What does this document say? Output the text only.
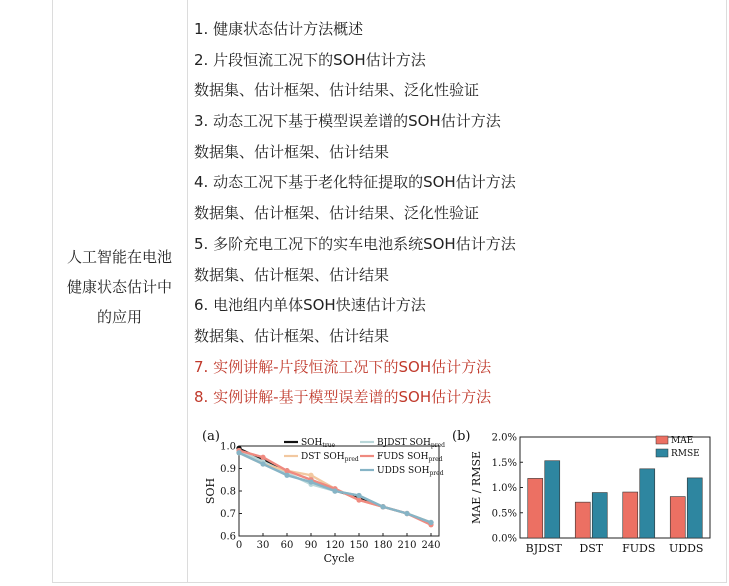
人工智能在电池
健康状态估计中
的应用
1. 健康状态估计方法概述
2. 片段恒流工况下的SOH估计方法
数据集、估计框架、估计结果、泛化性验证
3. 动态工况下基于模型误差谱的SOH估计方法
数据集、估计框架、估计结果
4. 动态工况下基于老化特征提取的SOH估计方法
数据集、估计框架、估计结果、泛化性验证
5. 多阶充电工况下的实车电池系统SOH估计方法
数据集、估计框架、估计结果
6. 电池组内单体SOH快速估计方法
数据集、估计框架、估计结果
7. 实例讲解-片段恒流工况下的SOH估计方法
8. 实例讲解-基于模型误差谱的SOH估计方法
(a)
0 30 60 90 120 150 180 210 240
0.6
0.7
0.8
0.9
1.0
Cycle
SOH
$SOH_{true}$	BJDST $SOH_{pred}$
DST $SOH_{pred}$ FUDS $SOH_{pred}$
UDDS $SOH_{pred}$
(b)
0.0%
0.5%
1.0%
1.5%
2.0%
MAE / RMSE
BJDST DST FUDS UDDS
MAE
RMSE
